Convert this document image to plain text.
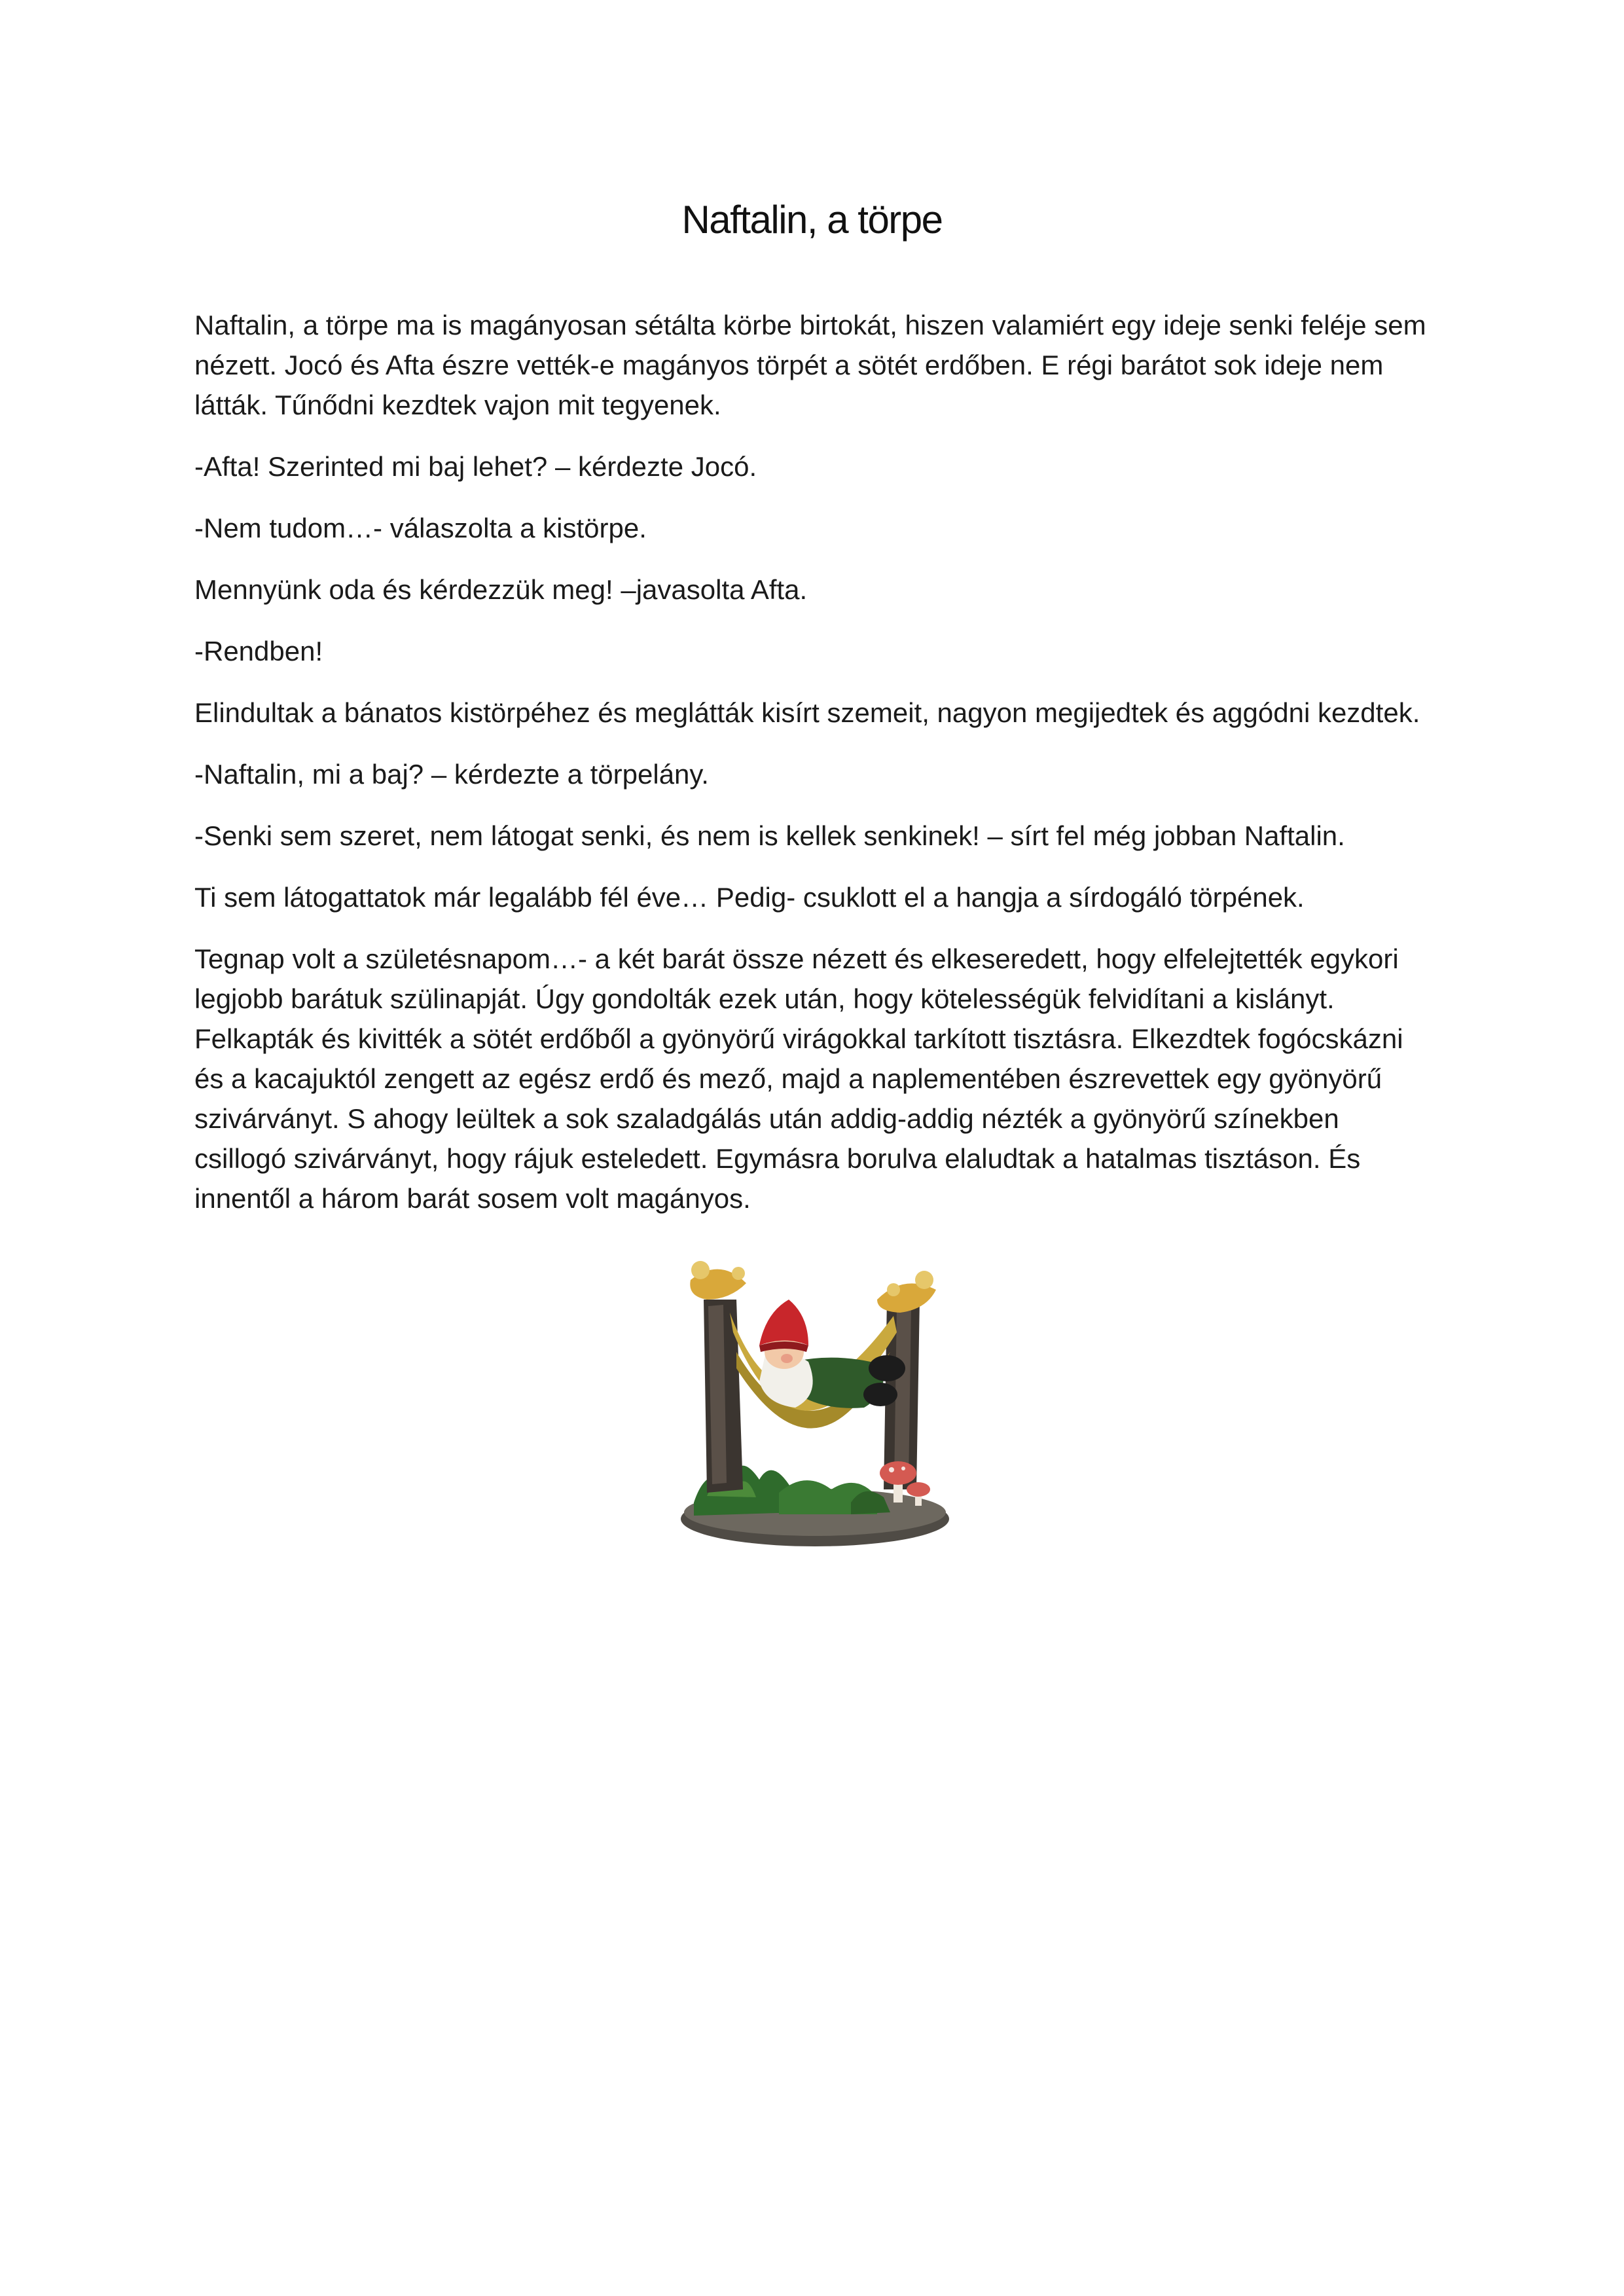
Naftalin, a törpe

Naftalin, a törpe ma is magányosan sétálta körbe birtokát, hiszen valamiért egy ideje senki feléje sem nézett. Jocó és Afta észre vették-e magányos törpét a sötét erdőben. E régi barátot sok ideje nem látták. Tűnődni kezdtek vajon mit tegyenek.

-Afta! Szerinted mi baj lehet? – kérdezte Jocó.

-Nem tudom…- válaszolta a kistörpe.

Mennyünk oda és kérdezzük meg! –javasolta Afta.

-Rendben!

Elindultak a bánatos kistörpéhez és meglátták kisírt szemeit, nagyon megijedtek és aggódni kezdtek.

-Naftalin, mi a baj? – kérdezte a törpelány.

-Senki sem szeret, nem látogat senki, és nem is kellek senkinek! – sírt fel még jobban Naftalin.

Ti sem látogattatok már legalább fél éve… Pedig- csuklott el a hangja a sírdogáló törpének.

Tegnap volt a születésnapom…- a két barát össze nézett és elkeseredett, hogy elfelejtették egykori legjobb barátuk szülinapját. Úgy gondolták ezek után, hogy kötelességük felvidítani a kislányt. Felkapták és kivitték a sötét erdőből a gyönyörű virágokkal tarkított tisztásra. Elkezdtek fogócskázni és a kacajuktól zengett az egész erdő és mező, majd a naplementében észrevettek egy gyönyörű szivárványt. S ahogy leültek a sok szaladgálás után addig-addig nézték a gyönyörű színekben csillogó szivárványt, hogy rájuk esteledett. Egymásra borulva elaludtak a hatalmas tisztáson. És innentől a három barát sosem volt magányos.
